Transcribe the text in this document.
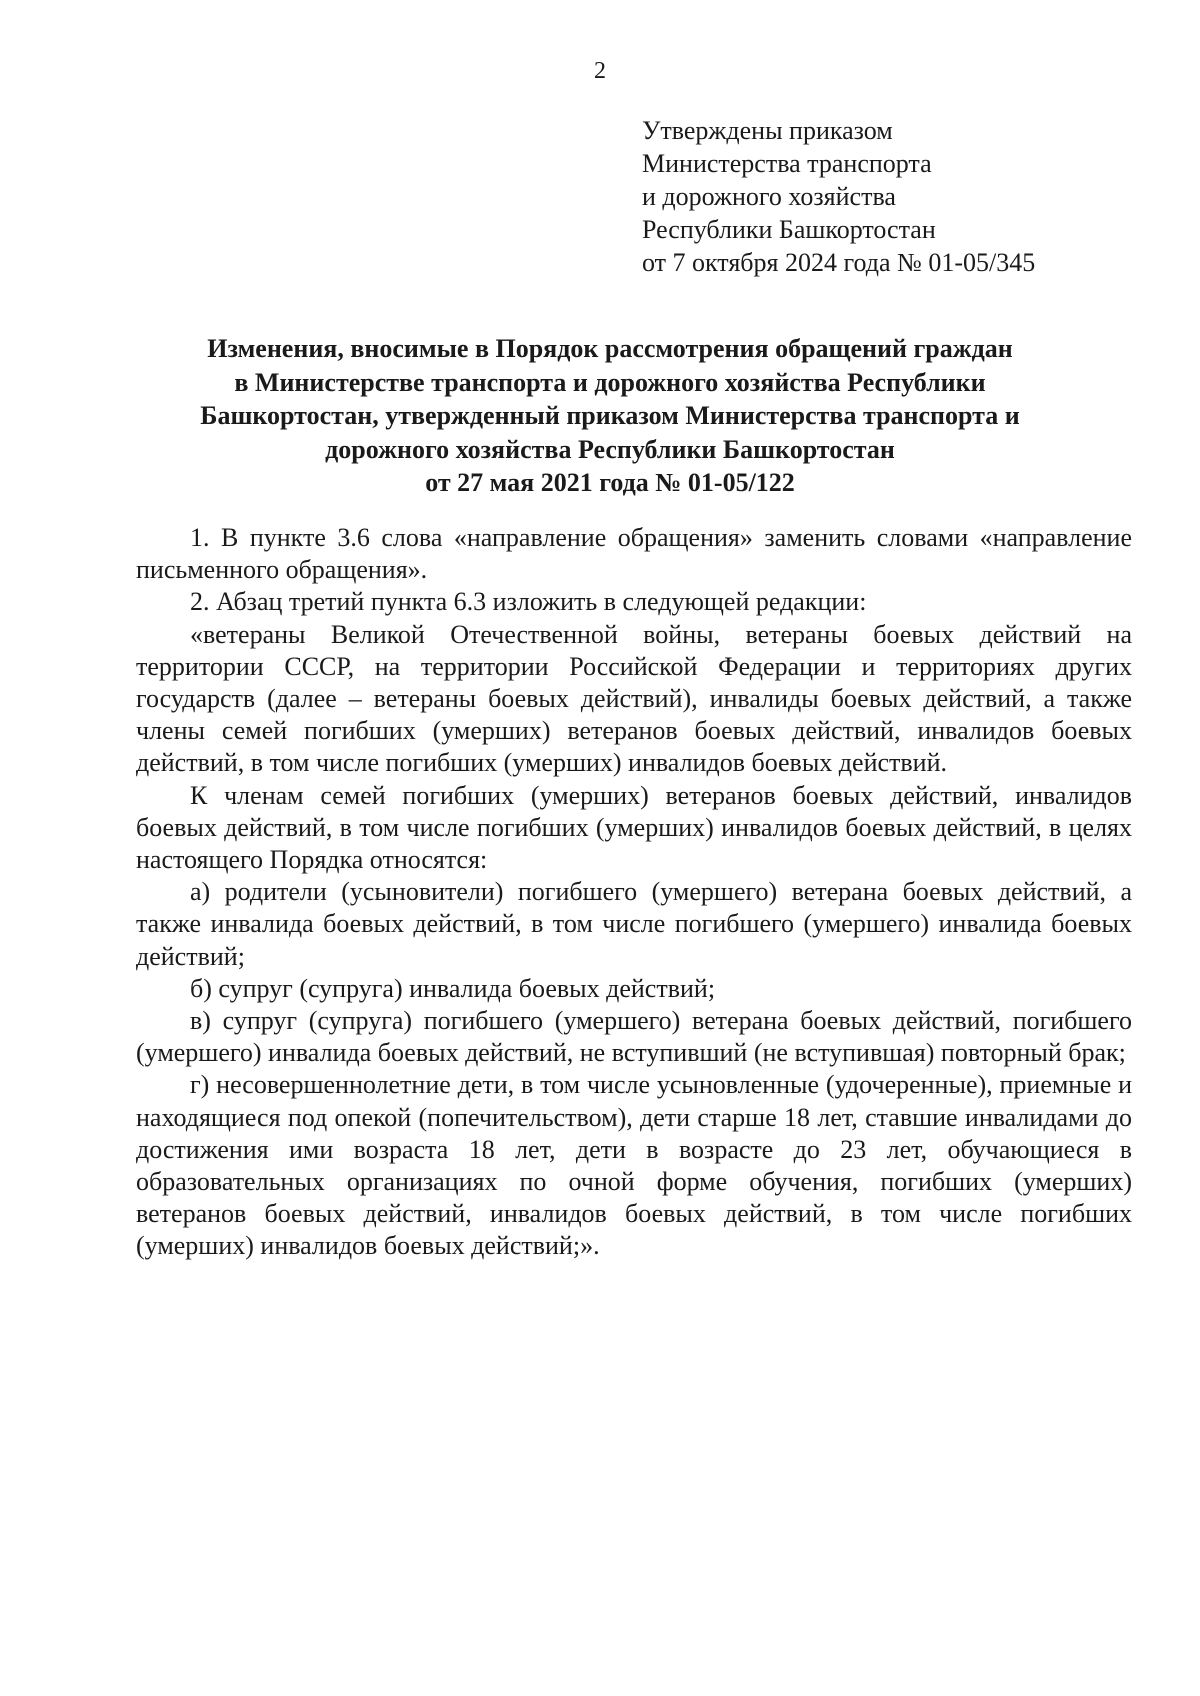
2
Утверждены приказом
Министерства транспорта
и дорожного хозяйства
Республики Башкортостан
от 7 октября 2024 года № 01-05/345
Изменения, вносимые в Порядок рассмотрения обращений граждан
в Министерстве транспорта и дорожного хозяйства Республики
Башкортостан, утвержденный приказом Министерства транспорта и
дорожного хозяйства Республики Башкортостан
от 27 мая 2021 года № 01-05/122

1. В пункте 3.6 слова «направление обращения» заменить словами «направление письменного обращения».

2. Абзац третий пункта 6.3 изложить в следующей редакции:

«ветераны Великой Отечественной войны, ветераны боевых действий на территории СССР, на территории Российской Федерации и территориях других государств (далее – ветераны боевых действий), инвалиды боевых действий, а также члены семей погибших (умерших) ветеранов боевых действий, инвалидов боевых действий, в том числе погибших (умерших) инвалидов боевых действий.

К членам семей погибших (умерших) ветеранов боевых действий, инвалидов боевых действий, в том числе погибших (умерших) инвалидов боевых действий, в целях настоящего Порядка относятся:

а) родители (усыновители) погибшего (умершего) ветерана боевых действий, а также инвалида боевых действий, в том числе погибшего (умершего) инвалида боевых действий;

б) супруг (супруга) инвалида боевых действий;

в) супруг (супруга) погибшего (умершего) ветерана боевых действий, погибшего (умершего) инвалида боевых действий, не вступивший (не вступившая) повторный брак;

г) несовершеннолетние дети, в том числе усыновленные (удочеренные), приемные и находящиеся под опекой (попечительством), дети старше 18 лет, ставшие инвалидами до достижения ими возраста 18 лет, дети в возрасте до 23 лет, обучающиеся в образовательных организациях по очной форме обучения, погибших (умерших) ветеранов боевых действий, инвалидов боевых действий, в том числе погибших (умерших) инвалидов боевых действий;».
